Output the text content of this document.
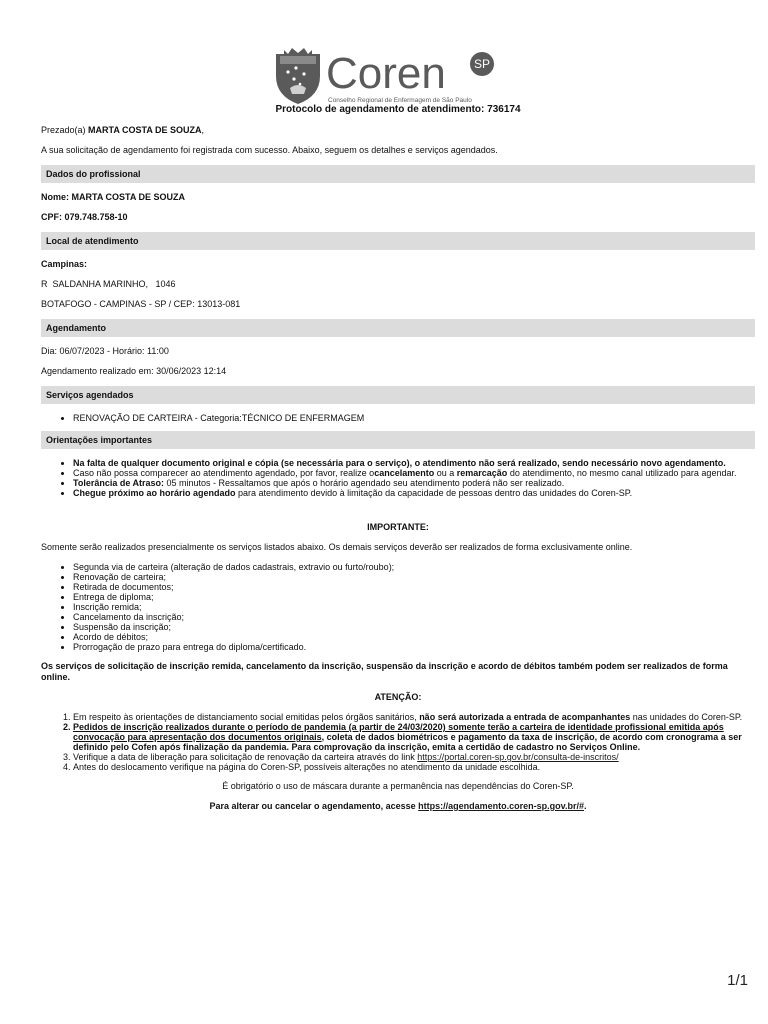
Coren SP
Conselho Regional de Enfermagem de São Paulo

Protocolo de agendamento de atendimento: 736174

Prezado(a) MARTA COSTA DE SOUZA,

A sua solicitação de agendamento foi registrada com sucesso. Abaixo, seguem os detalhes e serviços agendados.

Dados do profissional

Nome: MARTA COSTA DE SOUZA

CPF: 079.748.758-10

Local de atendimento

Campinas:

R  SALDANHA MARINHO,   1046

BOTAFOGO - CAMPINAS - SP / CEP: 13013-081

Agendamento

Dia: 06/07/2023 - Horário: 11:00

Agendamento realizado em: 30/06/2023 12:14

Serviços agendados
• RENOVAÇÃO DE CARTEIRA - Categoria:TÉCNICO DE ENFERMAGEM
Orientações importantes
• Na falta de qualquer documento original e cópia (se necessária para o serviço), o atendimento não será realizado, sendo necessário novo agendamento.
• Caso não possa comparecer ao atendimento agendado, por favor, realize ocancelamento ou a remarcação do atendimento, no mesmo canal utilizado para agendar.
• Tolerância de Atraso: 05 minutos - Ressaltamos que após o horário agendado seu atendimento poderá não ser realizado.
• Chegue próximo ao horário agendado para atendimento devido à limitação da capacidade de pessoas dentro das unidades do Coren-SP.

IMPORTANTE:

Somente serão realizados presencialmente os serviços listados abaixo. Os demais serviços deverão ser realizados de forma exclusivamente online.

• Segunda via de carteira (alteração de dados cadastrais, extravio ou furto/roubo);
• Renovação de carteira;
• Retirada de documentos;
• Entrega de diploma;
• Inscrição remida;
• Cancelamento da inscrição;
• Suspensão da inscrição;
• Acordo de débitos;
• Prorrogação de prazo para entrega do diploma/certificado.

Os serviços de solicitação de inscrição remida, cancelamento da inscrição, suspensão da inscrição e acordo de débitos também podem ser realizados de forma online.

ATENÇÃO:

1. Em respeito às orientações de distanciamento social emitidas pelos órgãos sanitários, não será autorizada a entrada de acompanhantes nas unidades do Coren-SP.
2. Pedidos de inscrição realizados durante o período de pandemia (a partir de 24/03/2020) somente terão a carteira de identidade profissional emitida após convocação para apresentação dos documentos originais, coleta de dados biométricos e pagamento da taxa de inscrição, de acordo com cronograma a ser definido pelo Cofen após finalização da pandemia. Para comprovação da inscrição, emita a certidão de cadastro no Serviços Online.
3. Verifique a data de liberação para solicitação de renovação da carteira através do link https://portal.coren-sp.gov.br/consulta-de-inscritos/
4. Antes do deslocamento verifique na página do Coren-SP, possíveis alterações no atendimento da unidade escolhida.

É obrigatório o uso de máscara durante a permanência nas dependências do Coren-SP.

Para alterar ou cancelar o agendamento, acesse https://agendamento.coren-sp.gov.br/#.

1/1
